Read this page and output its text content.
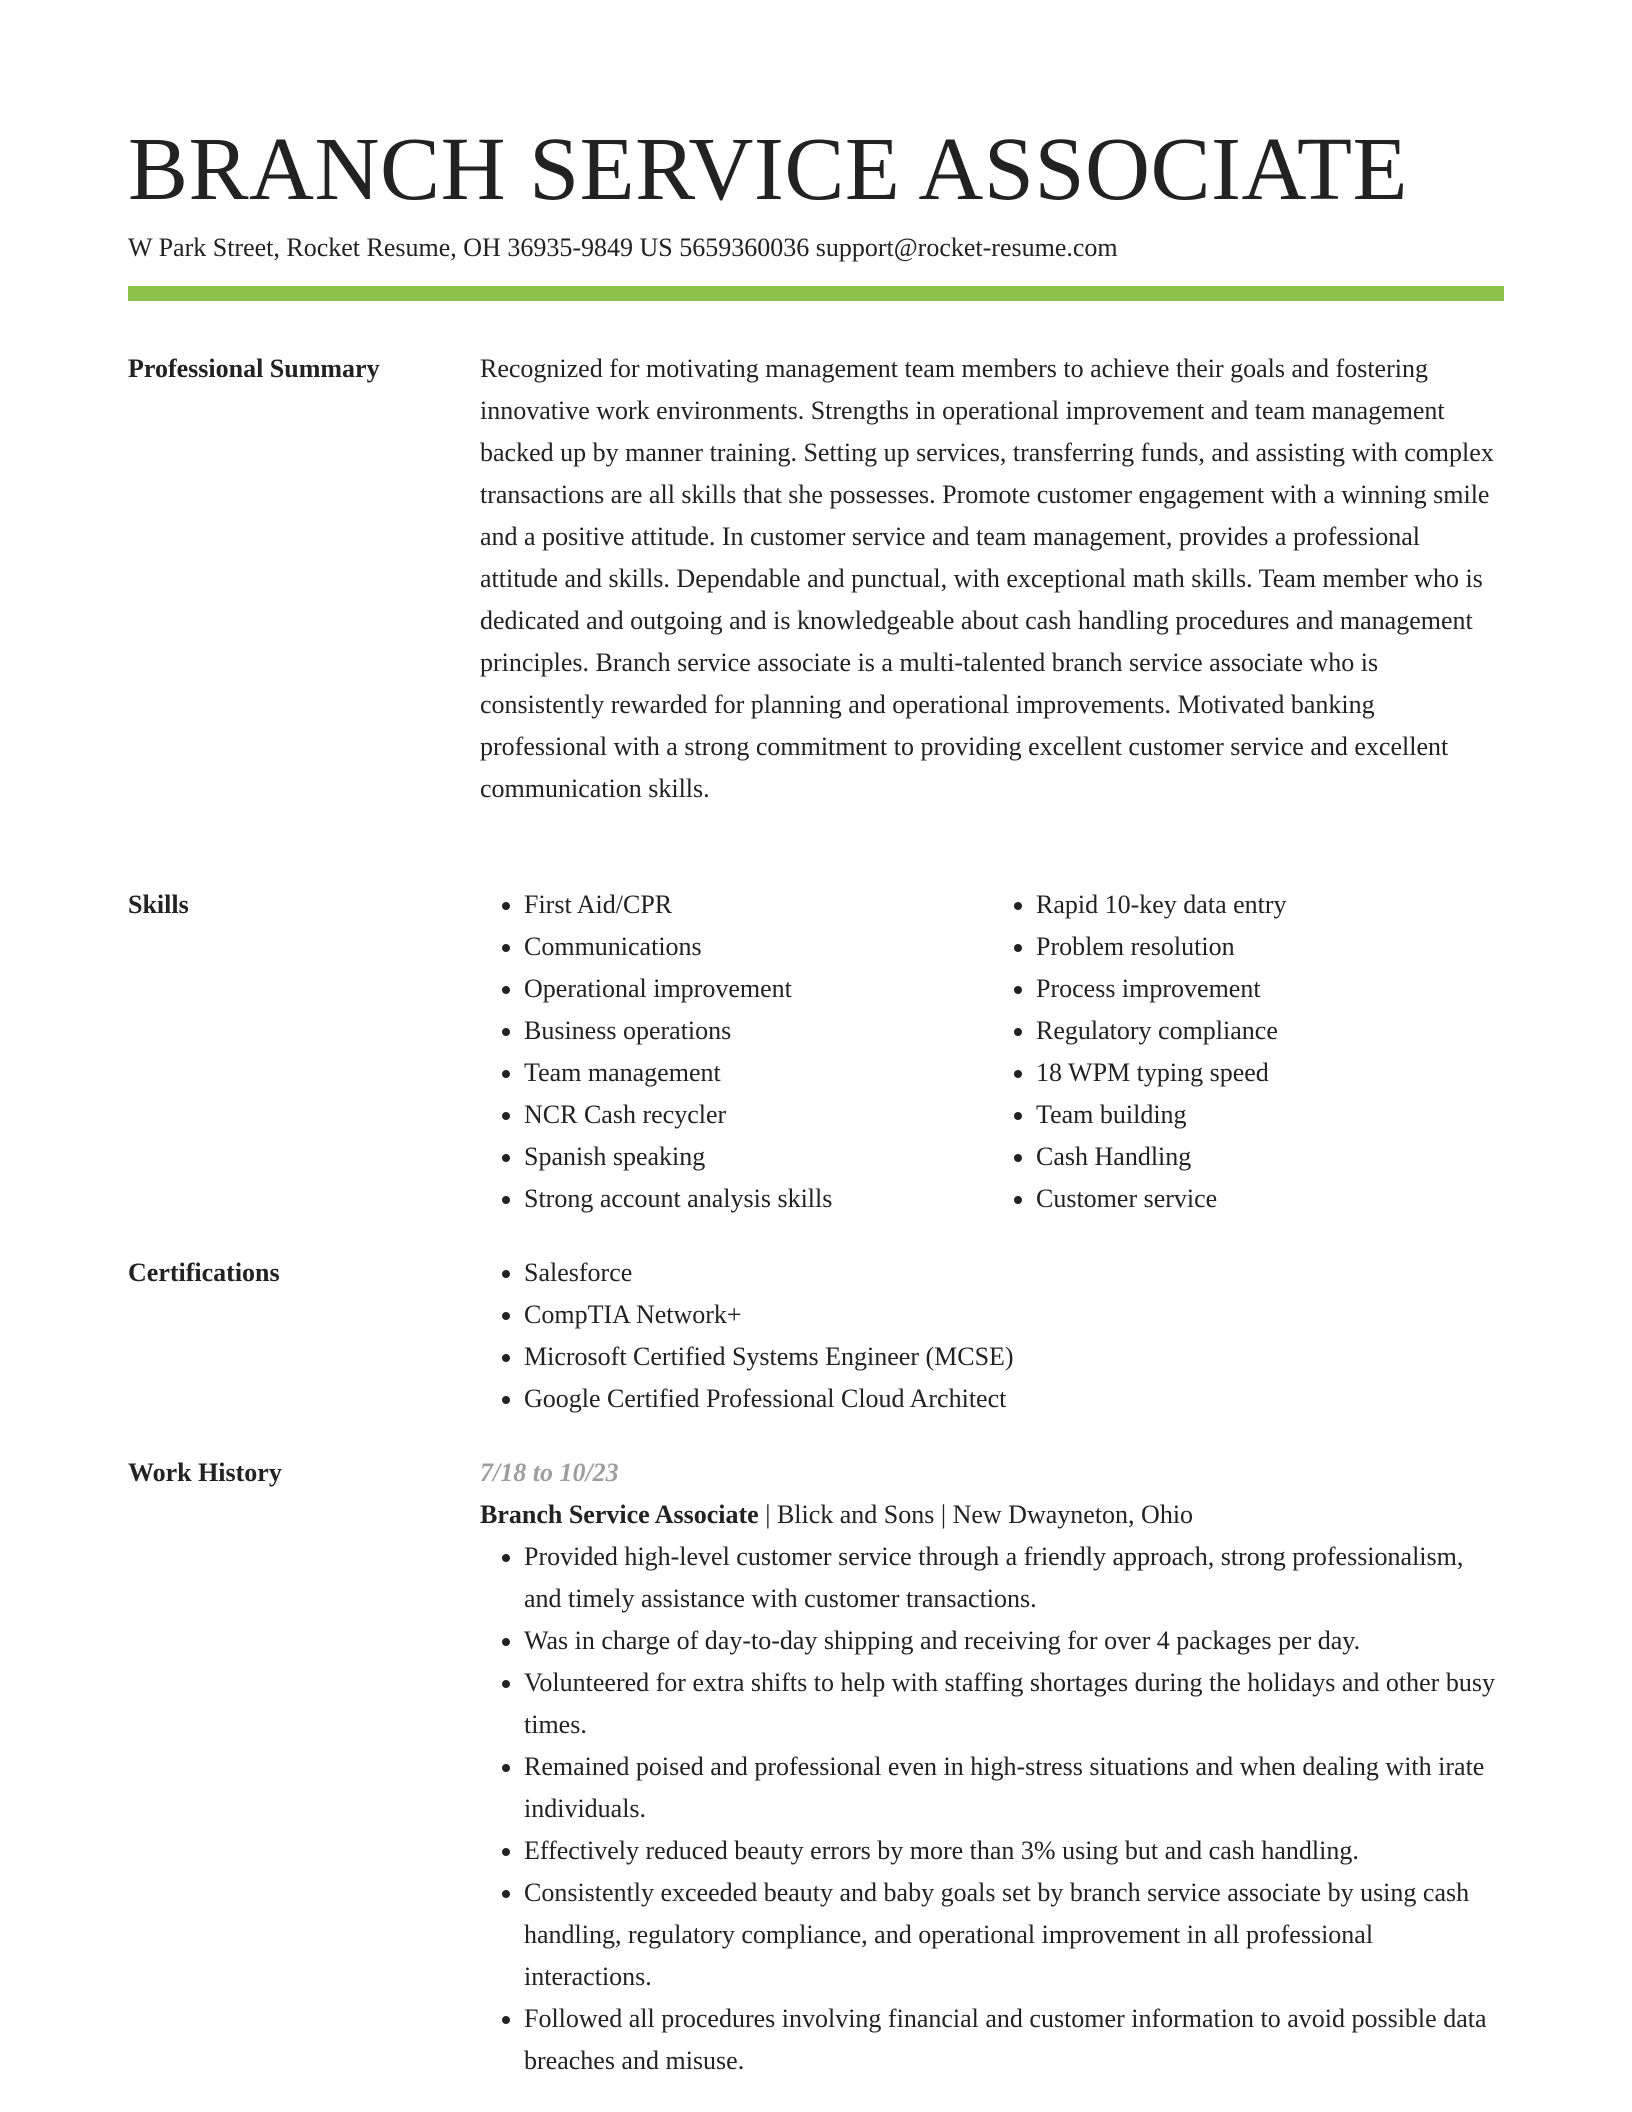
BRANCH SERVICE ASSOCIATE
W Park Street, Rocket Resume, OH 36935-9849 US 5659360036 support@rocket-resume.com
Professional Summary	Recognized for motivating management team members to achieve their goals and fostering innovative work environments. Strengths in operational improvement and team management backed up by manner training. Setting up services, transferring funds, and assisting with complex transactions are all skills that she possesses. Promote customer engagement with a winning smile and a positive attitude. In customer service and team management, provides a professional attitude and skills. Dependable and punctual, with exceptional math skills. Team member who is dedicated and outgoing and is knowledgeable about cash handling procedures and management principles. Branch service associate is a multi-talented branch service associate who is consistently rewarded for planning and operational improvements. Motivated banking professional with a strong commitment to providing excellent customer service and excellent communication skills.

Skills	• First Aid/CPR
• Communications
• Operational improvement
• Business operations
• Team management
• NCR Cash recycler
• Spanish speaking
• Strong account analysis skills
• Rapid 10-key data entry
• Problem resolution
• Process improvement
• Regulatory compliance
• 18 WPM typing speed
• Team building
• Cash Handling
• Customer service
Certifications	• Salesforce
• CompTIA Network+
• Microsoft Certified Systems Engineer (MCSE)
• Google Certified Professional Cloud Architect
Work History	7/18 to 10/23
Branch Service Associate | Blick and Sons | New Dwayneton, Ohio
• Provided high-level customer service through a friendly approach, strong professionalism, and timely assistance with customer transactions.
• Was in charge of day-to-day shipping and receiving for over 4 packages per day.
• Volunteered for extra shifts to help with staffing shortages during the holidays and other busy times.
• Remained poised and professional even in high-stress situations and when dealing with irate individuals.
• Effectively reduced beauty errors by more than 3% using but and cash handling.
• Consistently exceeded beauty and baby goals set by branch service associate by using cash handling, regulatory compliance, and operational improvement in all professional interactions.
• Followed all procedures involving financial and customer information to avoid possible data breaches and misuse.
